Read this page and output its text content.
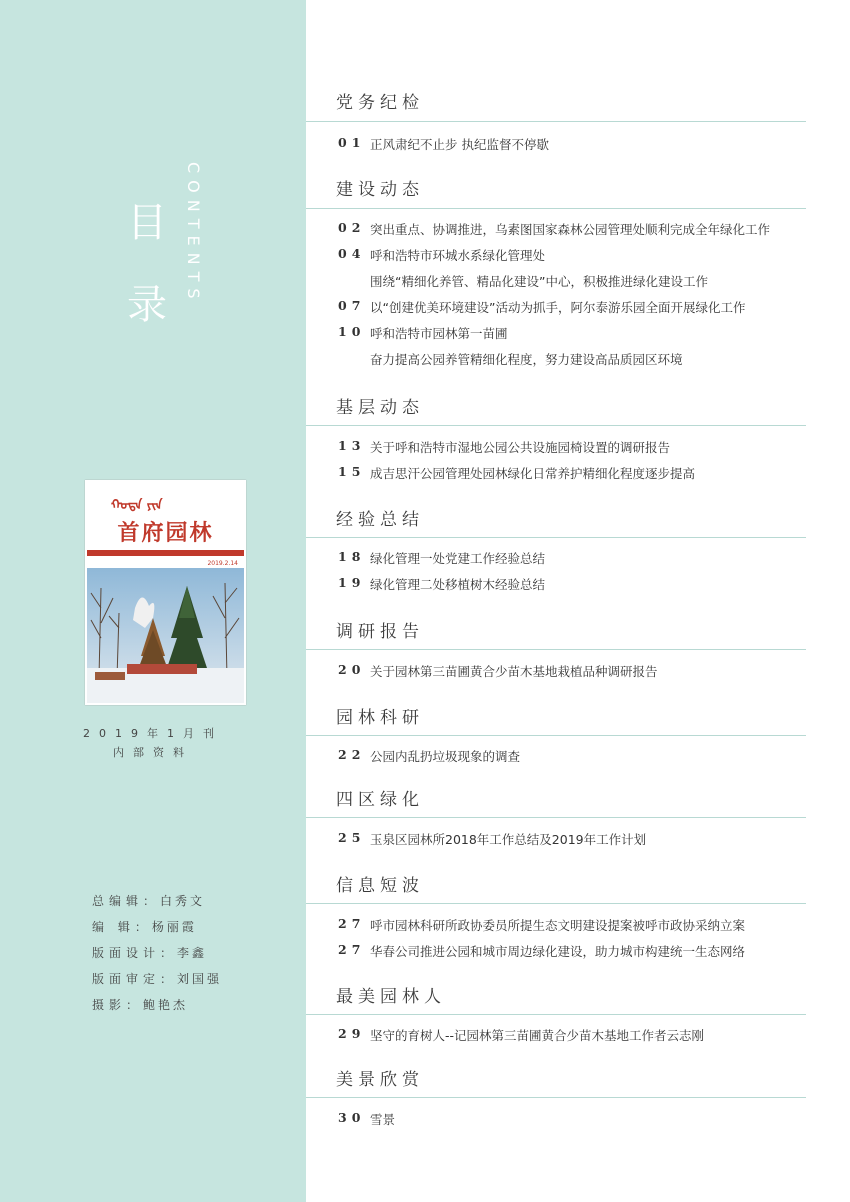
目
录	CONTENTS
ᠬᠣᠲᠠ ᠶᠢᠨ
首府园林
2019.2.14
2019年1月刊
内部资料
总编辑：白秀文
编 辑：杨丽霞
版面设计：李鑫
版面审定：刘国强
摄影：鲍艳杰
党务纪检
01 正风肃纪不止步 执纪监督不停歇
建设动态
02 突出重点、协调推进，乌素图国家森林公园管理处顺利完成全年绿化工作
04 呼和浩特市环城水系绿化管理处
围绕“精细化养管、精品化建设”中心，积极推进绿化建设工作
07 以“创建优美环境建设”活动为抓手，阿尔泰游乐园全面开展绿化工作
10 呼和浩特市园林第一苗圃
奋力提高公园养管精细化程度，努力建设高品质园区环境
基层动态
13 关于呼和浩特市湿地公园公共设施园椅设置的调研报告
15 成吉思汗公园管理处园林绿化日常养护精细化程度逐步提高
经验总结
18 绿化管理一处党建工作经验总结
19 绿化管理二处移植树木经验总结
调研报告
20 关于园林第三苗圃黄合少苗木基地栽植品种调研报告
园林科研
22 公园内乱扔垃圾现象的调查
四区绿化
25 玉泉区园林所2018年工作总结及2019年工作计划
信息短波
27 呼市园林科研所政协委员所提生态文明建设提案被呼市政协采纳立案
27 华春公司推进公园和城市周边绿化建设，助力城市构建统一生态网络
最美园林人
29 坚守的育树人--记园林第三苗圃黄合少苗木基地工作者云志刚
美景欣赏
30 雪景
